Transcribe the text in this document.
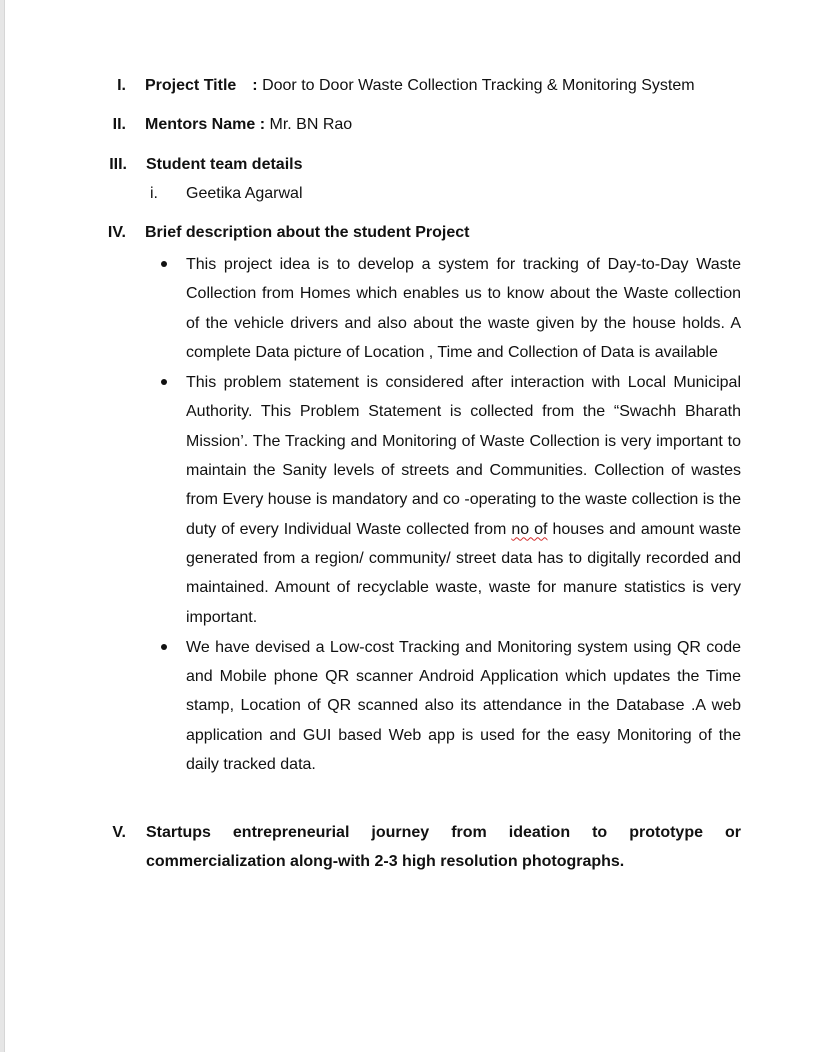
I. Project Title : Door to Door Waste Collection Tracking & Monitoring System
II. Mentors Name : Mr. BN Rao
III. Student team details
i. Geetika Agarwal
IV. Brief description about the student Project
This project idea is to develop a system for tracking of Day-to-Day Waste Collection from Homes which enables us to know about the Waste collection of the vehicle drivers and also about the waste given by the house holds. A complete Data picture of Location , Time and Collection of Data is available
This problem statement is considered after interaction with Local Municipal Authority. This Problem Statement is collected from the “Swachh Bharath Mission’. The Tracking and Monitoring of Waste Collection is very important to maintain the Sanity levels of streets and Communities. Collection of wastes from Every house is mandatory and co -operating to the waste collection is the duty of every Individual Waste collected from no of houses and amount waste generated from a region/ community/ street data has to digitally recorded and maintained. Amount of recyclable waste, waste for manure statistics is very important.
We have devised a Low-cost Tracking and Monitoring system using QR code and Mobile phone QR scanner Android Application which updates the Time stamp, Location of QR scanned also its attendance in the Database .A web application and GUI based Web app is used for the easy Monitoring of the daily tracked data.
V. Startups entrepreneurial journey from ideation to prototype or commercialization along-with 2-3 high resolution photographs.
